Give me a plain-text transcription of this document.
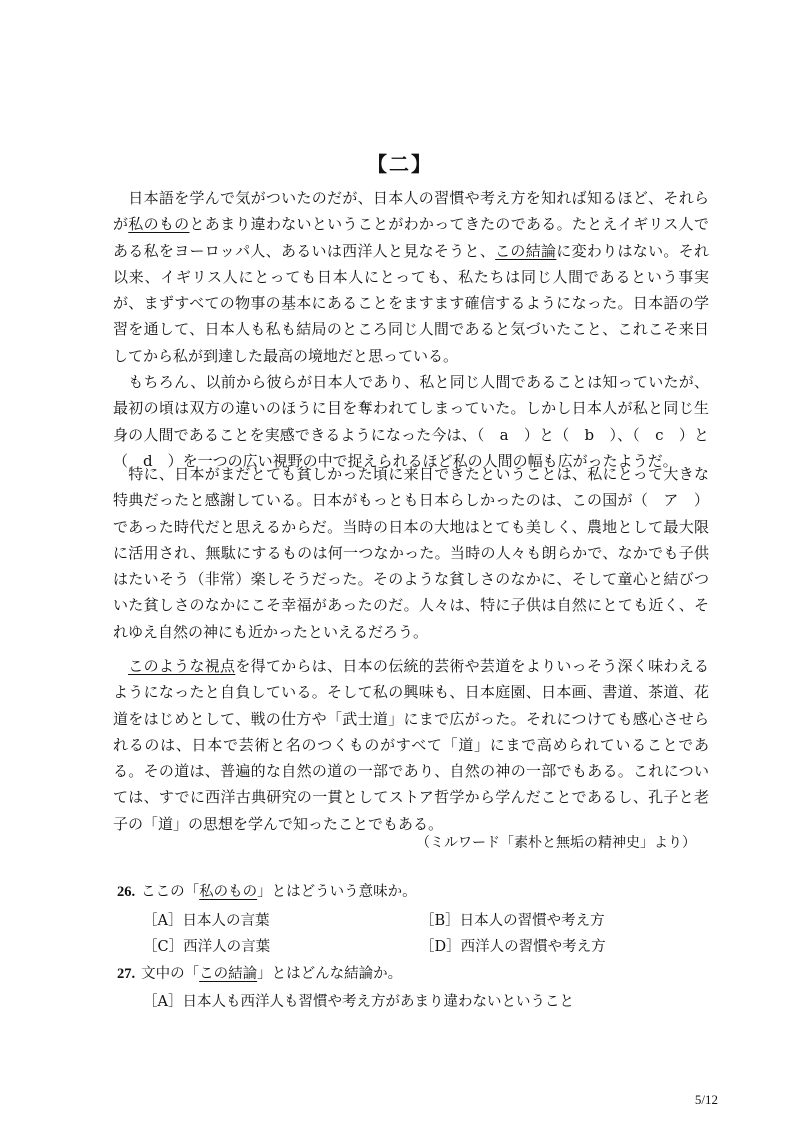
【二】

日本語を学んで気がついたのだが、日本人の習慣や考え方を知れば知るほど、それらが私のものとあまり違わないということがわかってきたのである。たとえイギリス人である私をヨーロッパ人、あるいは西洋人と見なそうと、この結論に変わりはない。それ以来、イギリス人にとっても日本人にとっても、私たちは同じ人間であるという事実が、まずすべての物事の基本にあることをますます確信するようになった。日本語の学習を通して、日本人も私も結局のところ同じ人間であると気づいたこと、これこそ来日してから私が到達した最高の境地だと思っている。

もちろん、以前から彼らが日本人であり、私と同じ人間であることは知っていたが、最初の頃は双方の違いのほうに目を奪われてしまっていた。しかし日本人が私と同じ生身の人間であることを実感できるようになった今は、（　a　）と（　b　）、（　c　）と（　d　）を一つの広い視野の中で捉えられるほど私の人間の幅も広がったようだ。

特に、日本がまだとても貧しかった頃に来日できたということは、私にとって大きな特典だったと感謝している。日本がもっとも日本らしかったのは、この国が（　ア　）であった時代だと思えるからだ。当時の日本の大地はとても美しく、農地として最大限に活用され、無駄にするものは何一つなかった。当時の人々も朗らかで、なかでも子供はたいそう（非常）楽しそうだった。そのような貧しさのなかに、そして童心と結びついた貧しさのなかにこそ幸福があったのだ。人々は、特に子供は自然にとても近く、それゆえ自然の神にも近かったといえるだろう。

このような視点を得てからは、日本の伝統的芸術や芸道をよりいっそう深く味わえるようになったと自負している。そして私の興味も、日本庭園、日本画、書道、茶道、花道をはじめとして、戦の仕方や「武士道」にまで広がった。それにつけても感心させられるのは、日本で芸術と名のつくものがすべて「道」にまで高められていることである。その道は、普遍的な自然の道の一部であり、自然の神の一部でもある。これについては、すでに西洋古典研究の一貫としてストア哲学から学んだことであるし、孔子と老子の「道」の思想を学んで知ったことでもある。

（ミルワード「素朴と無垢の精神史」より）
26. ここの「私のもの」とはどういう意味か。
［A］日本人の言葉	［B］日本人の習慣や考え方
［C］西洋人の言葉	［D］西洋人の習慣や考え方
27. 文中の「この結論」とはどんな結論か。
［A］日本人も西洋人も習慣や考え方があまり違わないということ
5/12
